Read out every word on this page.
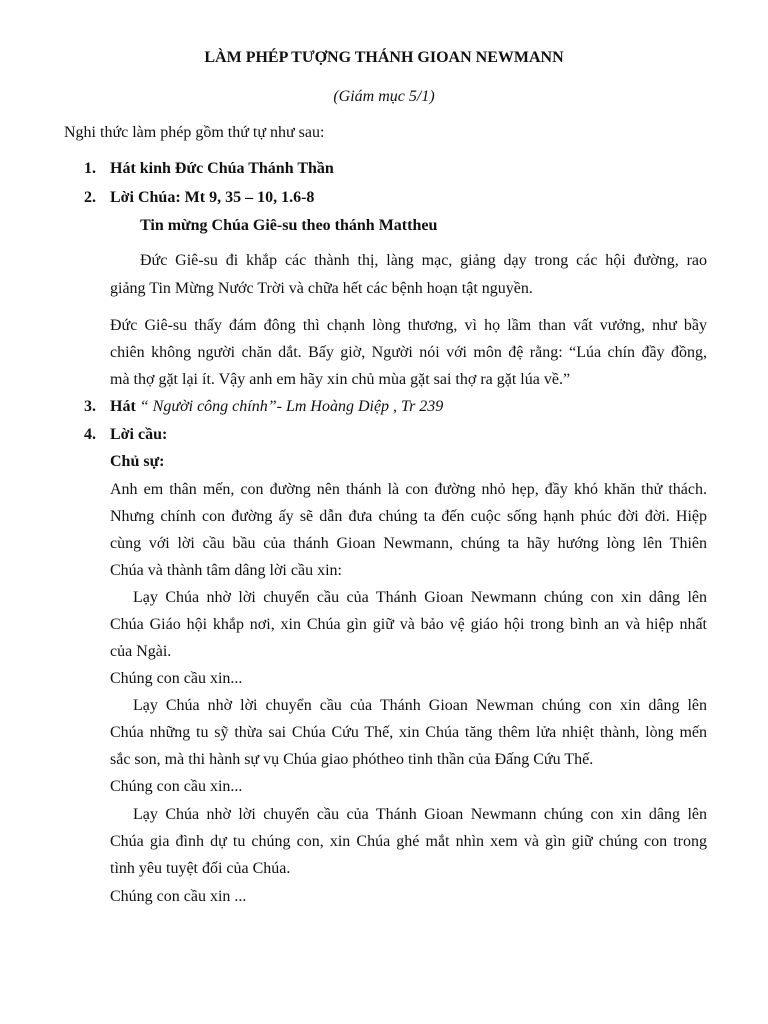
LÀM PHÉP TƯỢNG THÁNH GIOAN NEWMANN
(Giám mục 5/1)
Nghi thức làm phép gồm thứ tự như sau:
1. Hát kinh Đức Chúa Thánh Thần
2. Lời Chúa: Mt 9, 35 – 10, 1.6-8
Tin mừng Chúa Giê-su theo thánh Mattheu
Đức Giê-su đi khắp các thành thị, làng mạc, giảng dạy trong các hội đường, rao
giảng Tin Mừng Nước Trời và chữa hết các bệnh hoạn tật nguyền.
Đức Giê-su thấy đám đông thì chạnh lòng thương, vì họ lầm than vất vưởng, như bầy
chiên không người chăn dắt. Bấy giờ, Người nói với môn đệ rằng: “Lúa chín đầy đồng,
mà thợ gặt lại ít. Vậy anh em hãy xin chủ mùa gặt sai thợ ra gặt lúa về.”
3. Hát “ Người công chính”- Lm Hoàng Diệp , Tr 239
4. Lời cầu:
Chủ sự:
Anh em thân mến, con đường nên thánh là con đường nhỏ hẹp, đầy khó khăn thử thách.
Nhưng chính con đường ấy sẽ dẫn đưa chúng ta đến cuộc sống hạnh phúc đời đời. Hiệp
cùng với lời cầu bầu của thánh Gioan Newmann, chúng ta hãy hướng lòng lên Thiên
Chúa và thành tâm dâng lời cầu xin:
Lạy Chúa nhờ lời chuyển cầu của Thánh Gioan Newmann chúng con xin dâng lên
Chúa Giáo hội khắp nơi, xin Chúa gìn giữ và bảo vệ giáo hội trong bình an và hiệp nhất
của Ngài.
Chúng con cầu xin...
Lạy Chúa nhờ lời chuyển cầu của Thánh Gioan Newman chúng con xin dâng lên
Chúa những tu sỹ thừa sai Chúa Cứu Thế, xin Chúa tăng thêm lửa nhiệt thành, lòng mến
sắc son, mà thi hành sự vụ Chúa giao phótheo tinh thần của Đấng Cứu Thế.
Chúng con cầu xin...
Lạy Chúa nhờ lời chuyển cầu của Thánh Gioan Newmann chúng con xin dâng lên
Chúa gia đình dự tu chúng con, xin Chúa ghé mắt nhìn xem và gìn giữ chúng con trong
tình yêu tuyệt đối của Chúa.
Chúng con cầu xin ...
